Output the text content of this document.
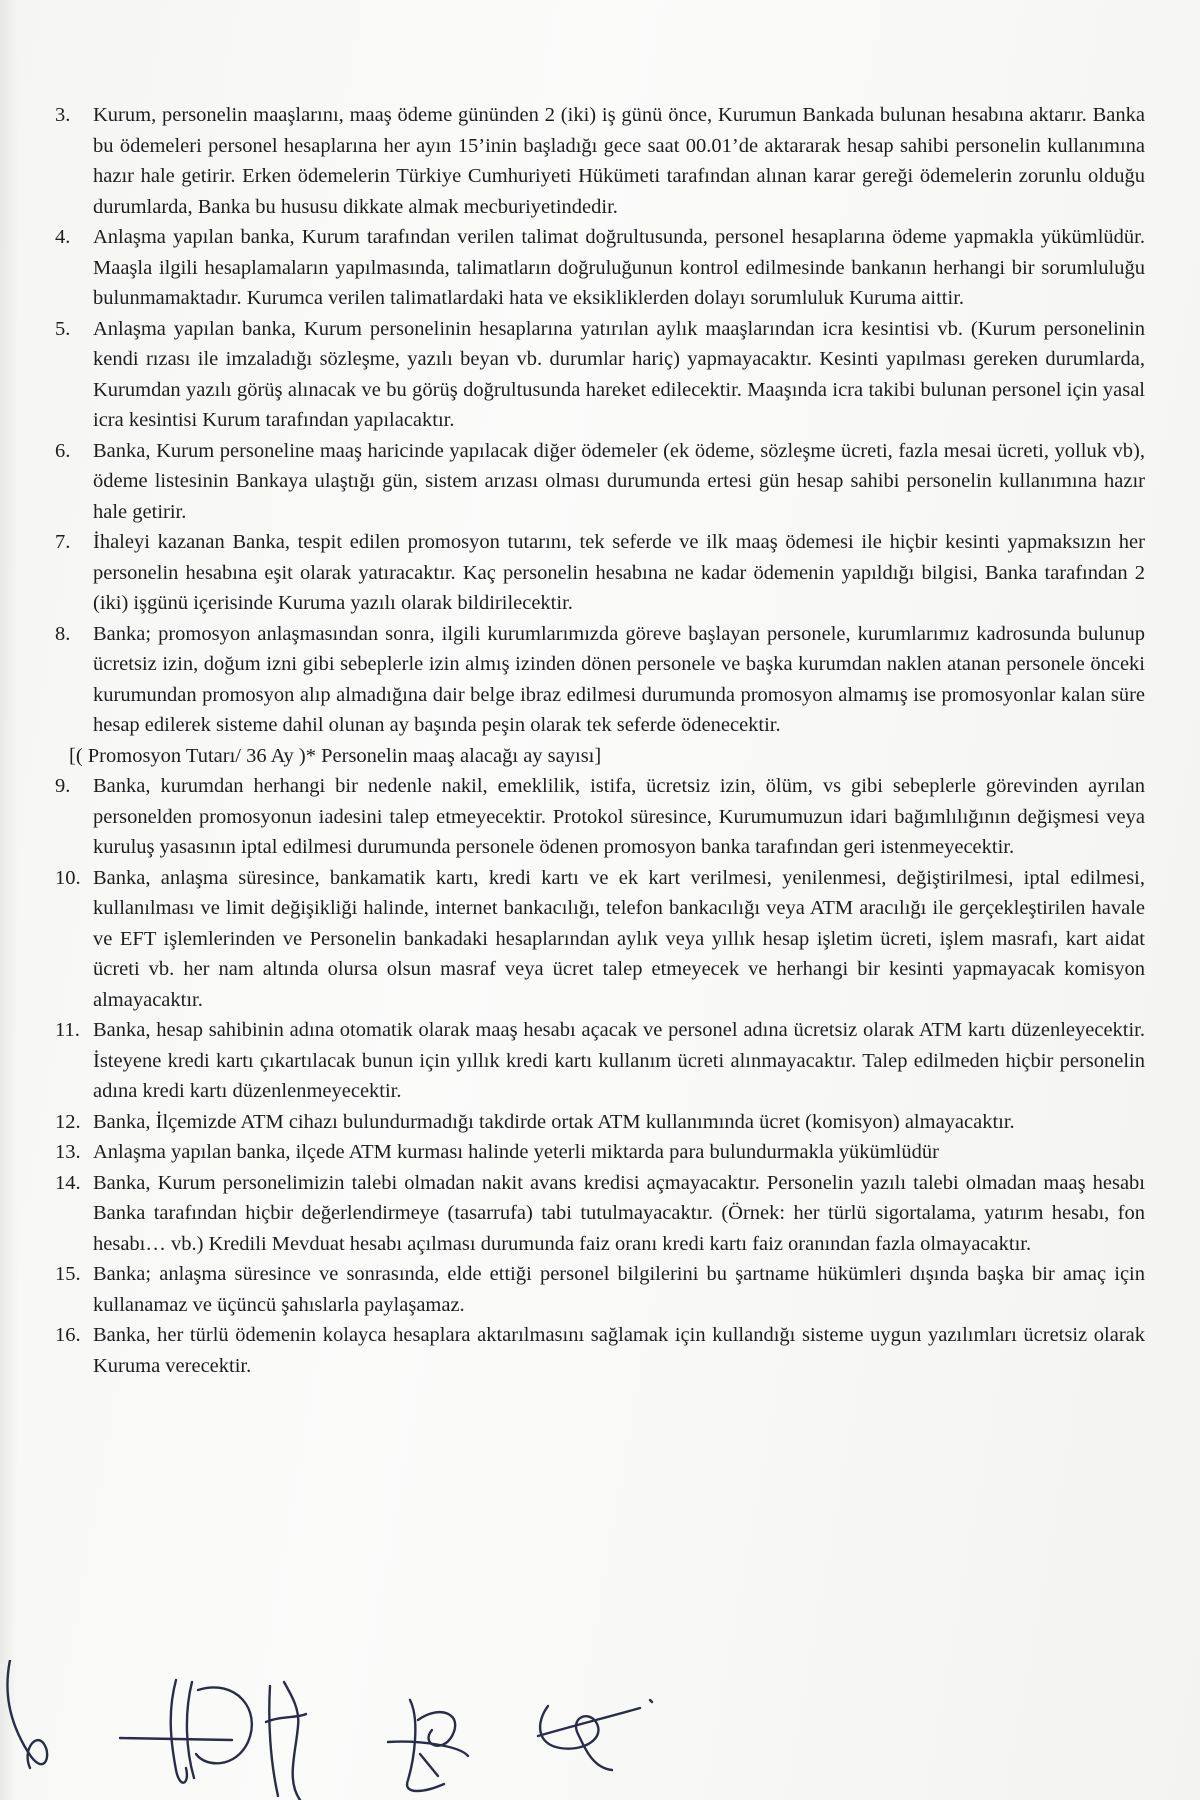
3.	Kurum, personelin maaşlarını, maaş ödeme gününden 2 (iki) iş günü önce, Kurumun Bankada bulunan hesabına aktarır. Banka bu ödemeleri personel hesaplarına her ayın 15’inin başladığı gece saat 00.01’de aktararak hesap sahibi personelin kullanımına hazır hale getirir. Erken ödemelerin Türkiye Cumhuriyeti Hükümeti tarafından alınan karar gereği ödemelerin zorunlu olduğu durumlarda, Banka bu hususu dikkate almak mecburiyetindedir.
4.	Anlaşma yapılan banka, Kurum tarafından verilen talimat doğrultusunda, personel hesaplarına ödeme yapmakla yükümlüdür. Maaşla ilgili hesaplamaların yapılmasında, talimatların doğruluğunun kontrol edilmesinde bankanın herhangi bir sorumluluğu bulunmamaktadır. Kurumca verilen talimatlardaki hata ve eksikliklerden dolayı sorumluluk Kuruma aittir.
5.	Anlaşma yapılan banka, Kurum personelinin hesaplarına yatırılan aylık maaşlarından icra kesintisi vb. (Kurum personelinin kendi rızası ile imzaladığı sözleşme, yazılı beyan vb. durumlar hariç) yapmayacaktır. Kesinti yapılması gereken durumlarda, Kurumdan yazılı görüş alınacak ve bu görüş doğrultusunda hareket edilecektir. Maaşında icra takibi bulunan personel için yasal icra kesintisi Kurum tarafından yapılacaktır.
6.	Banka, Kurum personeline maaş haricinde yapılacak diğer ödemeler (ek ödeme, sözleşme ücreti, fazla mesai ücreti, yolluk vb), ödeme listesinin Bankaya ulaştığı gün, sistem arızası olması durumunda ertesi gün hesap sahibi personelin kullanımına hazır hale getirir.
7.	İhaleyi kazanan Banka, tespit edilen promosyon tutarını, tek seferde ve ilk maaş ödemesi ile hiçbir kesinti yapmaksızın her personelin hesabına eşit olarak yatıracaktır. Kaç personelin hesabına ne kadar ödemenin yapıldığı bilgisi, Banka tarafından 2 (iki) işgünü içerisinde Kuruma yazılı olarak bildirilecektir.
8.	Banka; promosyon anlaşmasından sonra, ilgili kurumlarımızda göreve başlayan personele, kurumlarımız kadrosunda bulunup ücretsiz izin, doğum izni gibi sebeplerle izin almış izinden dönen personele ve başka kurumdan naklen atanan personele önceki kurumundan promosyon alıp almadığına dair belge ibraz edilmesi durumunda promosyon almamış ise promosyonlar kalan süre hesap edilerek sisteme dahil olunan ay başında peşin olarak tek seferde ödenecektir.
[( Promosyon Tutarı/ 36 Ay )* Personelin maaş alacağı ay sayısı]
9.	Banka, kurumdan herhangi bir nedenle nakil, emeklilik, istifa, ücretsiz izin, ölüm, vs gibi sebeplerle görevinden ayrılan personelden promosyonun iadesini talep etmeyecektir. Protokol süresince, Kurumumuzun idari bağımlılığının değişmesi veya kuruluş yasasının iptal edilmesi durumunda personele ödenen promosyon banka tarafından geri istenmeyecektir.
10. Banka, anlaşma süresince, bankamatik kartı, kredi kartı ve ek kart verilmesi, yenilenmesi, değiştirilmesi, iptal edilmesi, kullanılması ve limit değişikliği halinde, internet bankacılığı, telefon bankacılığı veya ATM aracılığı ile gerçekleştirilen havale ve EFT işlemlerinden ve Personelin bankadaki hesaplarından aylık veya yıllık hesap işletim ücreti, işlem masrafı, kart aidat ücreti vb. her nam altında olursa olsun masraf veya ücret talep etmeyecek ve herhangi bir kesinti yapmayacak komisyon almayacaktır.
11. Banka, hesap sahibinin adına otomatik olarak maaş hesabı açacak ve personel adına ücretsiz olarak ATM kartı düzenleyecektir. İsteyene kredi kartı çıkartılacak bunun için yıllık kredi kartı kullanım ücreti alınmayacaktır. Talep edilmeden hiçbir personelin adına kredi kartı düzenlenmeyecektir.
12. Banka, İlçemizde ATM cihazı bulundurmadığı takdirde ortak ATM kullanımında ücret (komisyon) almayacaktır.
13. Anlaşma yapılan banka, ilçede ATM kurması halinde yeterli miktarda para bulundurmakla yükümlüdür
14. Banka, Kurum personelimizin talebi olmadan nakit avans kredisi açmayacaktır. Personelin yazılı talebi olmadan maaş hesabı Banka tarafından hiçbir değerlendirmeye (tasarrufa) tabi tutulmayacaktır. (Örnek: her türlü sigortalama, yatırım hesabı, fon hesabı… vb.) Kredili Mevduat hesabı açılması durumunda faiz oranı kredi kartı faiz oranından fazla olmayacaktır.
15. Banka; anlaşma süresince ve sonrasında, elde ettiği personel bilgilerini bu şartname hükümleri dışında başka bir amaç için kullanamaz ve üçüncü şahıslarla paylaşamaz.
16. Banka, her türlü ödemenin kolayca hesaplara aktarılmasını sağlamak için kullandığı sisteme uygun yazılımları ücretsiz olarak Kuruma verecektir.
